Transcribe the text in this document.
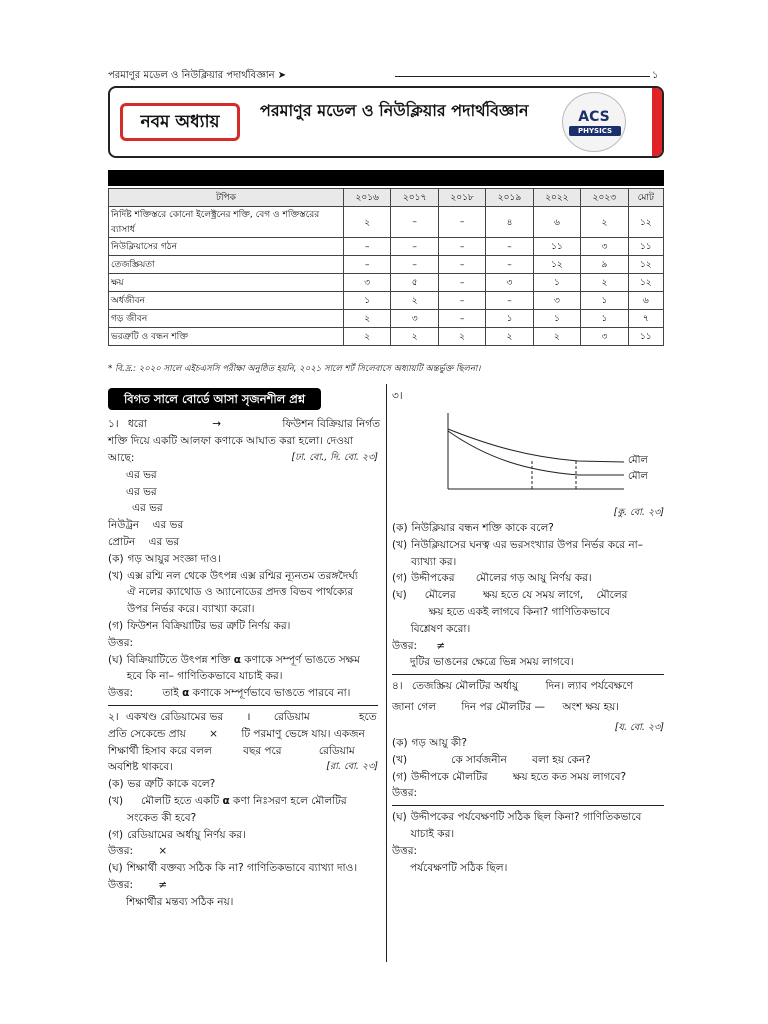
পরমাণুর মডেল ও নিউক্লিয়ার পদার্থবিজ্ঞান ➤	১
নবম অধ্যায়
পরমাণুর মডেল ও নিউক্লিয়ার পদার্থবিজ্ঞান	ACS
PHYSICS
টপিক	২০১৬	২০১৭	২০১৮	২০১৯	২০২২	২০২৩	মোট
নির্দিষ্ট শক্তিস্তরে কোনো ইলেক্ট্রনের শক্তি, বেগ ও শক্তিস্তরের ব্যাসার্ধ	২	–	–	৪	৬	২	১২
নিউক্লিয়াসের গঠন	–	–	–	–	১১	৩	১১
তেজস্ক্রিয়তা	–	–	–	–	১২	৯	১২
ক্ষয়	৩	৫	–	৩	১	২	১২
অর্ধজীবন	১	২	–	–	৩	১	৬
গড় জীবন	২	৩	–	১	১	১	৭
ভরত্রুটি ও বন্ধন শক্তি	২	২	২	২	২	৩	১১
* বি.দ্র.: ২০২০ সালে এইচএসসি পরীক্ষা অনুষ্ঠিত হয়নি, ২০২১ সালে শর্ট সিলেবাসে অধ্যায়টি অন্তর্ভুক্ত ছিলনা।
বিগত সালে বোর্ডে আসা সৃজনশীল প্রশ্ন
১। ধরো	→	ফিউশন বিক্রিয়ার নির্গত
শক্তি দিয়ে একটি আলফা কণাকে আঘাত করা হলো। দেওয়া
আছে:	[ঢা. বো., দি. বো. ২৩]
এর ভর
এর ভর
এর ভর
নিউট্রন এর ভর
প্রোটন এর ভর
(ক) গড় আয়ুর সংজ্ঞা দাও।
(খ) এক্স রশ্মি নল থেকে উৎপন্ন এক্স রশ্মির ন্যূনতম তরঙ্গদৈর্ঘ্য
ঐ নলের ক্যাথোড ও অ্যানোডের প্রদত্ত বিভব পার্থক্যের
উপর নির্ভর করে। ব্যাখ্যা করো।
(গ) ফিউশন বিক্রিয়াটির ভর ত্রুটি নির্ণয় কর।
উত্তর:
(ঘ) বিক্রিয়াটিতে উৎপন্ন শক্তি α কণাকে সম্পূর্ণ ভাঙতে সক্ষম
হবে কি না– গাণিতিকভাবে যাচাই কর।
উত্তর:	তাই α কণাকে সম্পূর্ণভাবে ভাঙতে পারবে না।
২। একখণ্ড রেডিয়ামের ভর । রেডিয়াম	হতে
প্রতি সেকেন্ডে প্রায় × টি পরমাণু ভেঙ্গে যায়। একজন
শিক্ষার্থী হিসাব করে বলল	বছর পরে	রেডিয়াম
অবশিষ্ট থাকবে।	[রা. বো. ২৩]
(ক) ভর ত্রুটি কাকে বলে?
(খ)	মৌলটি হতে একটি α কণা নিঃসরণ হলে মৌলটির
সংকেত কী হবে?
(গ) রেডিয়ামের অর্ধায়ু নির্ণয় কর।
উত্তর: ×
(ঘ) শিক্ষার্থী বক্তব্য সঠিক কি না? গাণিতিকভাবে ব্যাখ্যা দাও।
উত্তর: ≠
শিক্ষার্থীর মন্তব্য সঠিক নয়।
৩।
মৌল
মৌল
[কু. বো. ২৩]
(ক) নিউক্লিয়ার বন্ধন শক্তি কাকে বলে?
(খ) নিউক্লিয়াসের ঘনত্ব এর ভরসংখ্যার উপর নির্ভর করে না–
ব্যাখ্যা কর।
(গ) উদ্দীপকের মৌলের গড় আয়ু নির্ণয় কর।
(ঘ)	মৌলের	ক্ষয় হতে যে সময় লাগে, মৌলের
ক্ষয় হতে একই লাগবে কিনা? গাণিতিকভাবে
বিশ্লেষণ করো।
উত্তর: ≠
দুটির ভাঙনের ক্ষেত্রে ভিন্ন সময় লাগবে।
৪। তেজস্ক্রিয় মৌলটির অর্ধায়ু	দিন। ল্যাব পর্যবেক্ষণে
জানা গেল দিন পর মৌলটির — অংশ ক্ষয় হয়।
[য. বো. ২৩]
(ক) গড় আয়ু কী?
(খ)	কে সার্বজনীন বলা হয় কেন?
(গ) উদ্দীপকে মৌলটির ক্ষয় হতে কত সময় লাগবে?
উত্তর:
(ঘ) উদ্দীপকের পর্যবেক্ষণটি সঠিক ছিল কিনা? গাণিতিকভাবে
যাচাই কর।
উত্তর:
পর্যবেক্ষণটি সঠিক ছিল।
